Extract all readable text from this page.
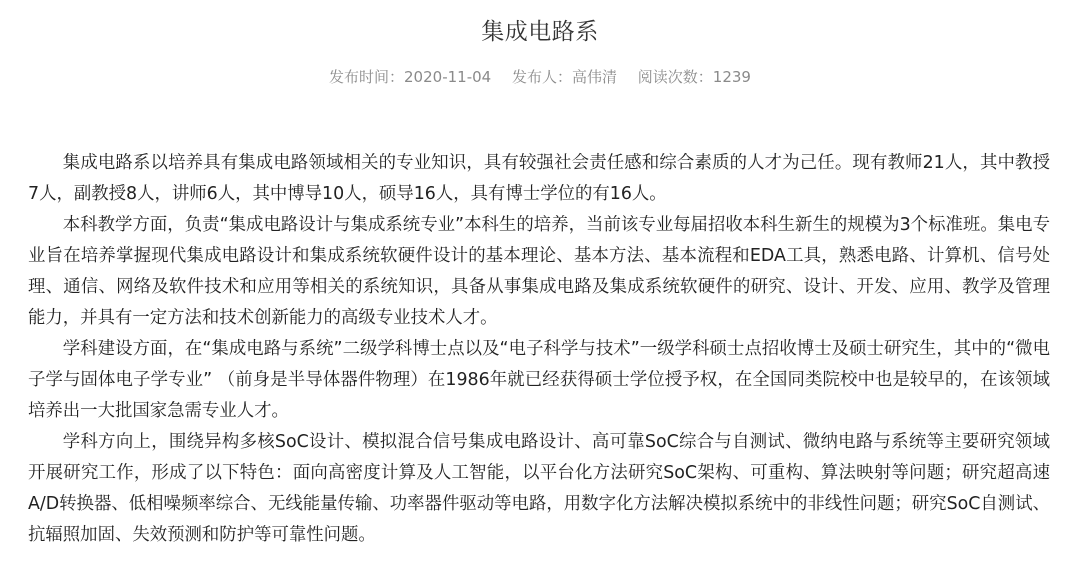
集成电路系
发布时间：2020-11-04 发布人：高伟清 阅读次数：1239

集成电路系以培养具有集成电路领域相关的专业知识，具有较强社会责任感和综合素质的人才为己任。现有教师21人，其中教授7人，副教授8人，讲师6人，其中博导10人，硕导16人，具有博士学位的有16人。

本科教学方面，负责“集成电路设计与集成系统专业”本科生的培养，当前该专业每届招收本科生新生的规模为3个标准班。集电专业旨在培养掌握现代集成电路设计和集成系统软硬件设计的基本理论、基本方法、基本流程和EDA工具，熟悉电路、计算机、信号处理、通信、网络及软件技术和应用等相关的系统知识，具备从事集成电路及集成系统软硬件的研究、设计、开发、应用、教学及管理能力，并具有一定方法和技术创新能力的高级专业技术人才。

学科建设方面，在“集成电路与系统”二级学科博士点以及“电子科学与技术”一级学科硕士点招收博士及硕士研究生，其中的“微电子学与固体电子学专业” （前身是半导体器件物理）在1986年就已经获得硕士学位授予权，在全国同类院校中也是较早的，在该领域培养出一大批国家急需专业人才。

学科方向上，围绕异构多核SoC设计、模拟混合信号集成电路设计、高可靠SoC综合与自测试、微纳电路与系统等主要研究领域开展研究工作，形成了以下特色：面向高密度计算及人工智能，以平台化方法研究SoC架构、可重构、算法映射等问题；研究超高速A/D转换器、低相噪频率综合、无线能量传输、功率器件驱动等电路，用数字化方法解决模拟系统中的非线性问题；研究SoC自测试、抗辐照加固、失效预测和防护等可靠性问题。
